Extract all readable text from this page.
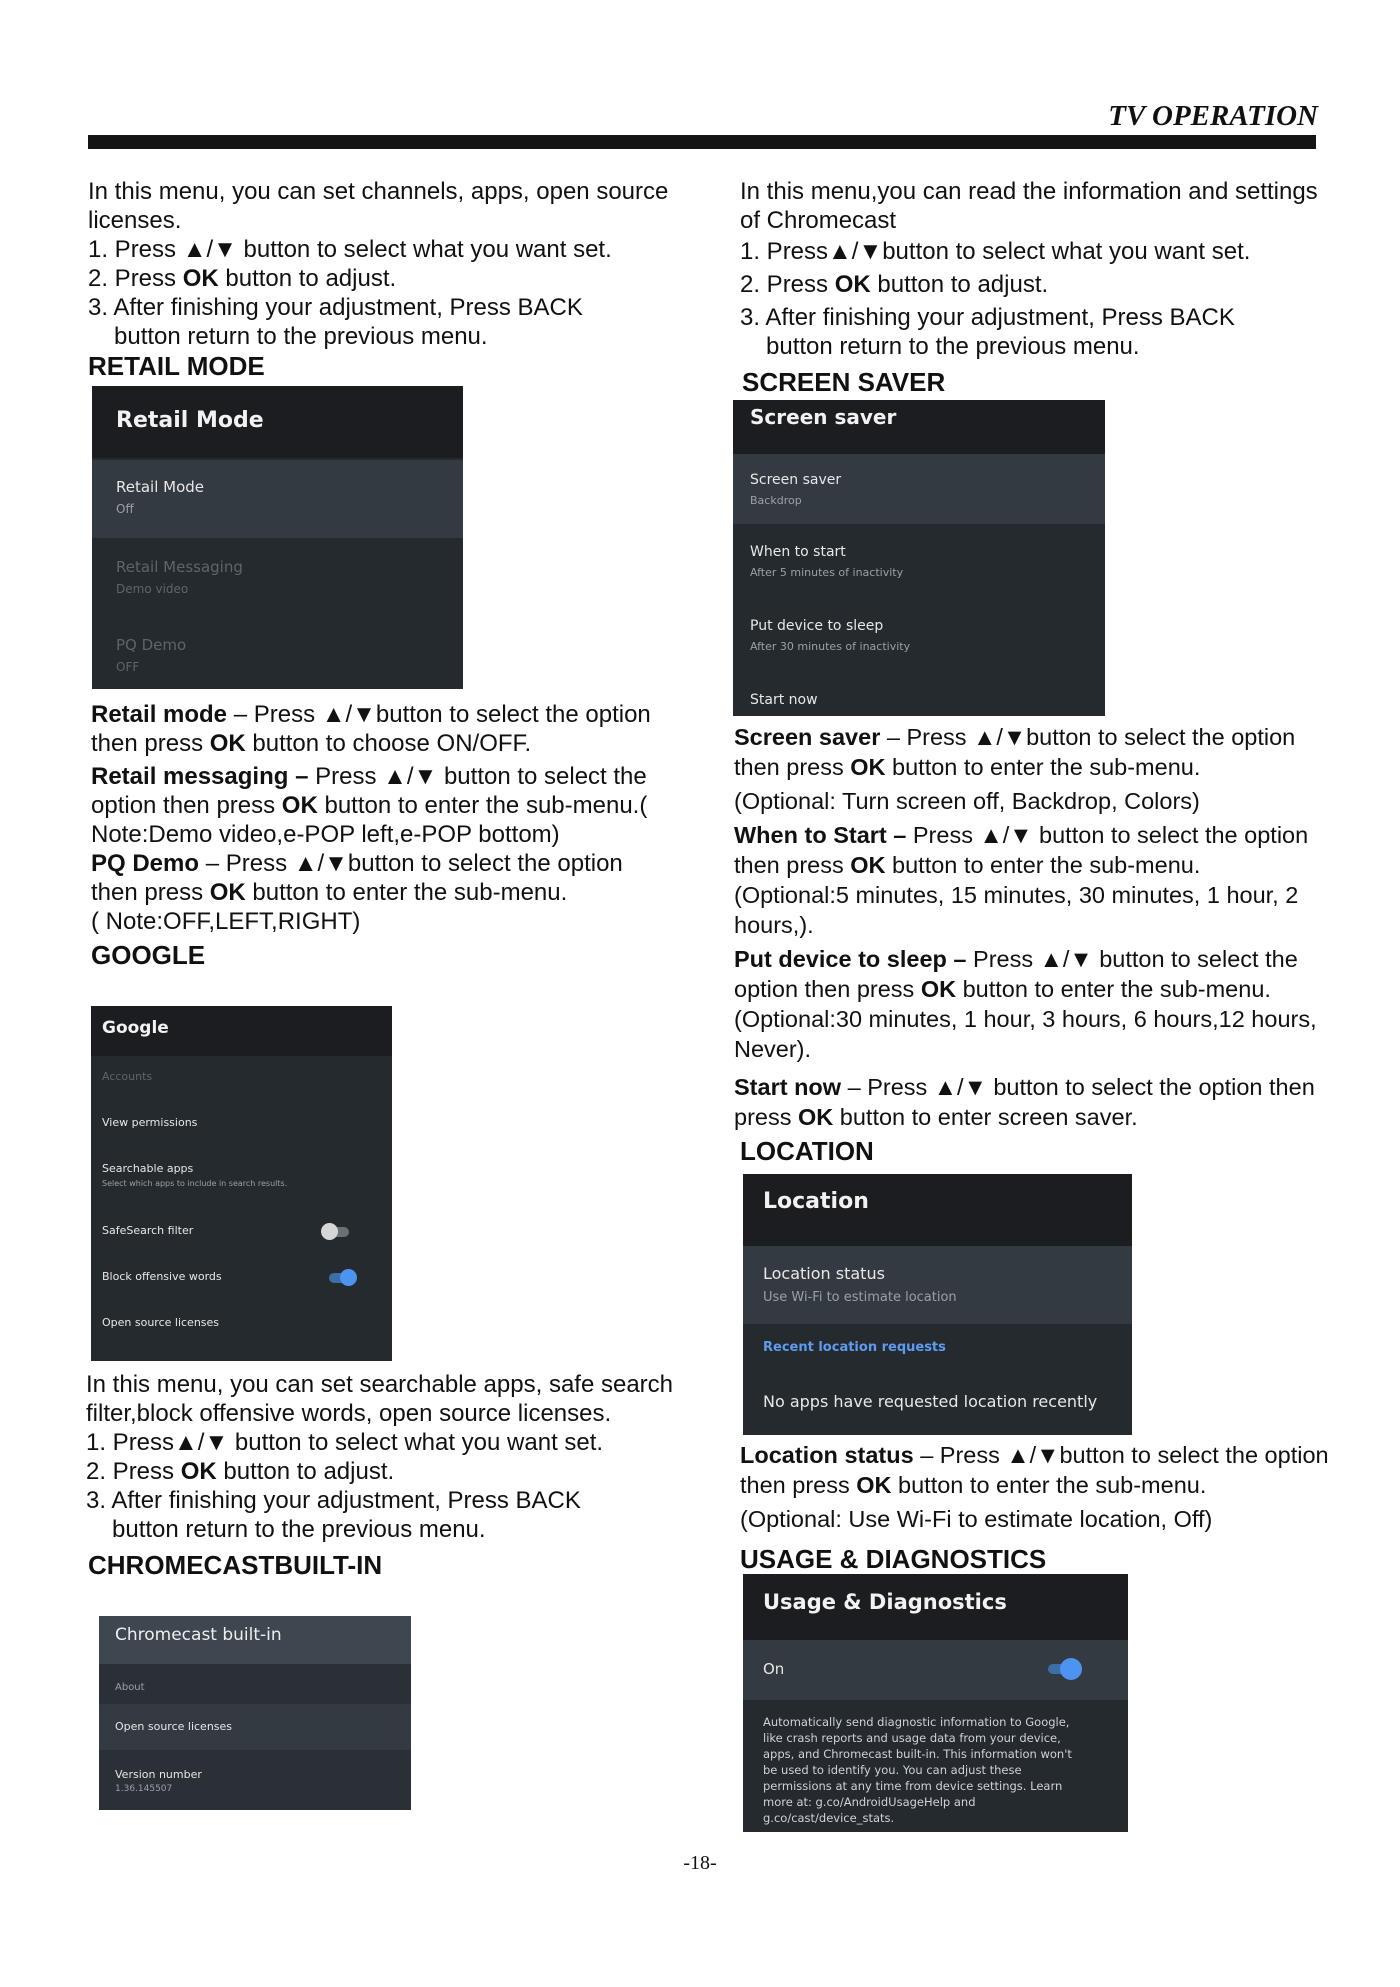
TV OPERATION

In this menu, you can set channels, apps, open source licenses.

1. Press ▲/▼ button to select what you want set.

2. Press OK button to adjust.

3. After finishing your adjustment, Press BACK

button return to the previous menu.

RETAIL MODE

Retail Mode
Retail Mode
Off
Retail Messaging
Demo video
PQ Demo
OFF

Retail mode – Press ▲/▼button to select the option then press OK button to choose ON/OFF.

Retail messaging – Press ▲/▼ button to select the option then press OK button to enter the sub-menu.( Note:Demo video,e-POP left,e-POP bottom)

PQ Demo – Press ▲/▼button to select the option then press OK button to enter the sub-menu.

( Note:OFF,LEFT,RIGHT)

GOOGLE

Google
Accounts
View permissions
Searchable apps
Select which apps to include in search results.
SafeSearch filter
Block offensive words
Open source licenses

In this menu, you can set searchable apps, safe search filter,block offensive words, open source licenses.

1. Press▲/▼ button to select what you want set.

2. Press OK button to adjust.

3. After finishing your adjustment, Press BACK

button return to the previous menu.

CHROMECASTBUILT-IN

Chromecast built-in
About
Open source licenses
Version number
1.36.145507

In this menu,you can read the information and settings of Chromecast

1. Press▲/▼button to select what you want set.

2. Press OK button to adjust.

3. After finishing your adjustment, Press BACK

button return to the previous menu.

SCREEN SAVER

Screen saver
Screen saver
Backdrop
When to start
After 5 minutes of inactivity
Put device to sleep
After 30 minutes of inactivity
Start now

Screen saver – Press ▲/▼button to select the option then press OK button to enter the sub-menu.

(Optional: Turn screen off, Backdrop, Colors)

When to Start – Press ▲/▼ button to select the option then press OK button to enter the sub-menu.

(Optional:5 minutes, 15 minutes, 30 minutes, 1 hour, 2 hours,).

Put device to sleep – Press ▲/▼ button to select the option then press OK button to enter the sub-menu. (Optional:30 minutes, 1 hour, 3 hours, 6 hours,12 hours, Never).

Start now – Press ▲/▼ button to select the option then press OK button to enter screen saver.

LOCATION

Location
Location status
Use Wi-Fi to estimate location
Recent location requests
No apps have requested location recently

Location status – Press ▲/▼button to select the option then press OK button to enter the sub-menu.

(Optional: Use Wi-Fi to estimate location, Off)

USAGE & DIAGNOSTICS

Usage & Diagnostics
On
Automatically send diagnostic information to Google, like crash reports and usage data from your device, apps, and Chromecast built-in. This information won't be used to identify you. You can adjust these permissions at any time from device settings. Learn more at: g.co/AndroidUsageHelp and g.co/cast/device_stats.
-18-
